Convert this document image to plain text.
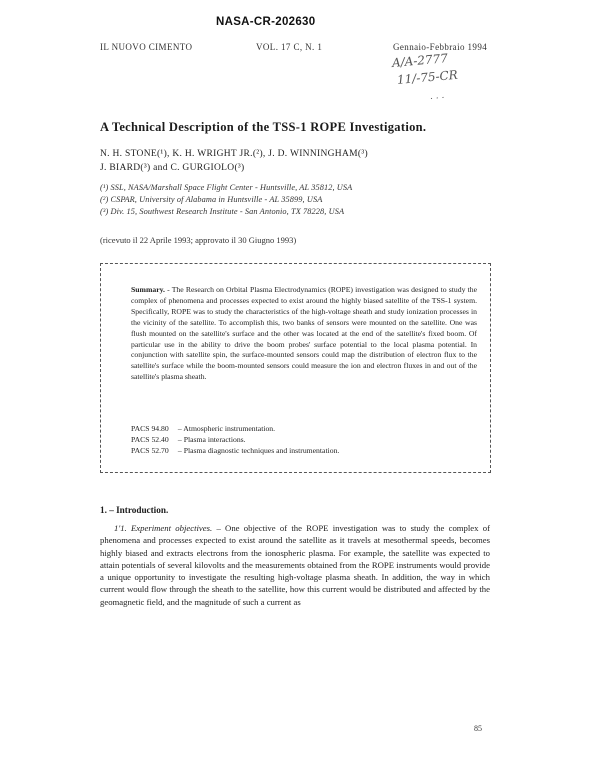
NASA-CR-202630
IL NUOVO CIMENTO	VOL. 17 C, N. 1	Gennaio-Febbraio 1994
A/A-2777
11/-75-CR
. . .
A Technical Description of the TSS-1 ROPE Investigation.
N. H. STONE(¹), K. H. WRIGHT JR.(²), J. D. WINNINGHAM(³)
J. BIARD(³) and C. GURGIOLO(³)
(¹) SSL, NASA/Marshall Space Flight Center - Huntsville, AL 35812, USA
(²) CSPAR, University of Alabama in Huntsville - AL 35899, USA
(³) Div. 15, Southwest Research Institute - San Antonio, TX 78228, USA
(ricevuto il 22 Aprile 1993; approvato il 30 Giugno 1993)
Summary. - The Research on Orbital Plasma Electrodynamics (ROPE) investigation was designed to study the complex of phenomena and processes expected to exist around the highly biased satellite of the TSS-1 system. Specifically, ROPE was to study the characteristics of the high-voltage sheath and study ionization processes in the vicinity of the satellite. To accomplish this, two banks of sensors were mounted on the satellite. One was flush mounted on the satellite's surface and the other was located at the end of the satellite's fixed boom. Of particular use in the ability to drive the boom probes' surface potential to the local plasma potential. In conjunction with satellite spin, the surface-mounted sensors could map the distribution of electron flux to the satellite's surface while the boom-mounted sensors could measure the ion and electron fluxes in and out of the satellite's plasma sheath.
PACS 94.80 – Atmospheric instrumentation.
PACS 52.40 – Plasma interactions.
PACS 52.70 – Plasma diagnostic techniques and instrumentation.
1. – Introduction.
1'1. Experiment objectives. – One objective of the ROPE investigation was to study the complex of phenomena and processes expected to exist around the satellite as it travels at mesothermal speeds, becomes highly biased and extracts electrons from the ionospheric plasma. For example, the satellite was expected to attain potentials of several kilovolts and the measurements obtained from the ROPE instruments would provide a unique opportunity to investigate the resulting high-voltage plasma sheath. In addition, the way in which current would flow through the sheath to the satellite, how this current would be distributed and affected by the geomagnetic field, and the magnitude of such a current as
85
